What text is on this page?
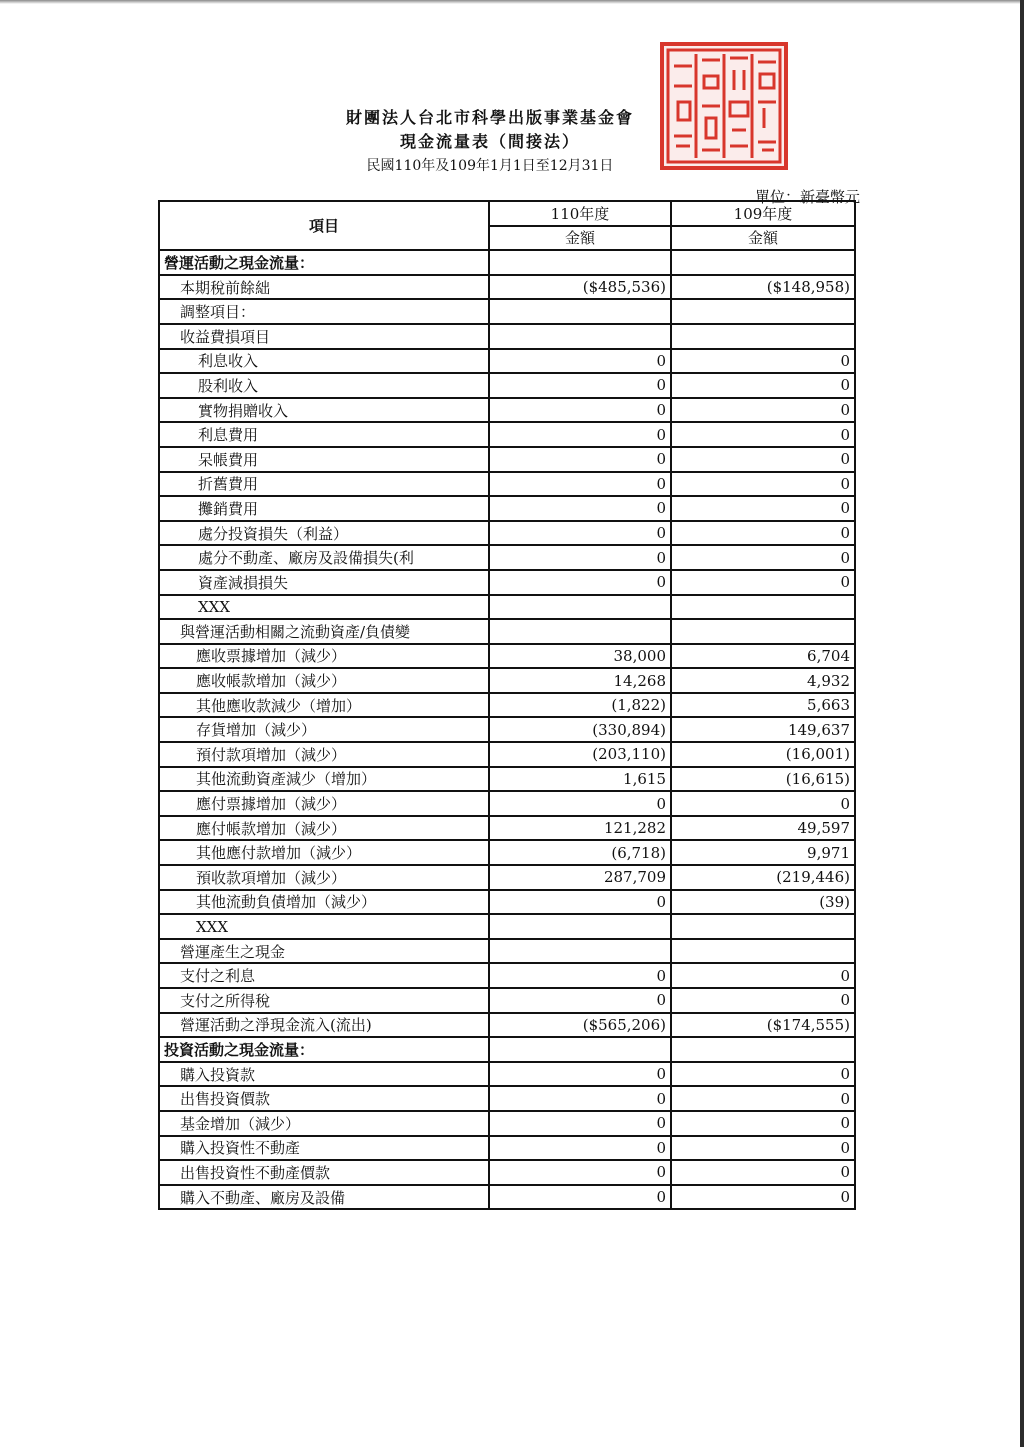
財團法人台北市科學出版事業基金會
現金流量表（間接法）
民國110年及109年1月1日至12月31日
單位：新臺幣元
項目	110年度	109年度
	金額	金額
營運活動之現金流量：		
本期稅前餘絀	($485,536)	($148,958)
調整項目：		
收益費損項目		
利息收入	0	0
股利收入	0	0
實物捐贈收入	0	0
利息費用	0	0
呆帳費用	0	0
折舊費用	0	0
攤銷費用	0	0
處分投資損失（利益）	0	0
處分不動產、廠房及設備損失(利	0	0
資產減損損失	0	0
XXX		
與營運活動相關之流動資產/負債變		
應收票據增加（減少）	38,000	6,704
應收帳款增加（減少）	14,268	4,932
其他應收款減少（增加）	(1,822)	5,663
存貨增加（減少）	(330,894)	149,637
預付款項增加（減少）	(203,110)	(16,001)
其他流動資產減少（增加）	1,615	(16,615)
應付票據增加（減少）	0	0
應付帳款增加（減少）	121,282	49,597
其他應付款增加（減少）	(6,718)	9,971
預收款項增加（減少）	287,709	(219,446)
其他流動負債增加（減少）	0	(39)
XXX		
營運產生之現金		
支付之利息	0	0
支付之所得稅	0	0
營運活動之淨現金流入(流出)	($565,206)	($174,555)
投資活動之現金流量：		
購入投資款	0	0
出售投資價款	0	0
基金增加（減少）	0	0
購入投資性不動產	0	0
出售投資性不動產價款	0	0
購入不動產、廠房及設備	0	0
